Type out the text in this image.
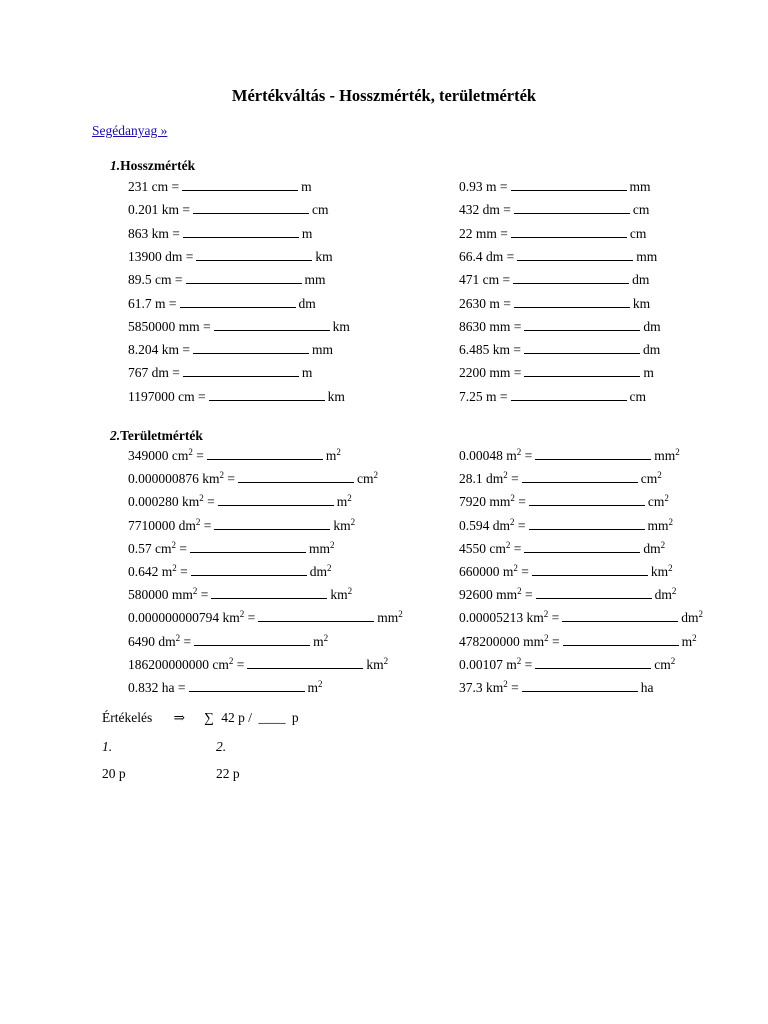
Mértékváltás - Hosszmérték, területmérték
Segédanyag »
1.Hosszmérték
2.Területmérték
231 cm =	m
0.201 km =	cm
863 km =	m
13900 dm =	km
89.5 cm =	mm
61.7 m =	dm
5850000 mm =	km
8.204 km =	mm
767 dm =	m
1197000 cm =	km
0.93 m =	mm
432 dm =	cm
22 mm =	cm
66.4 dm =	mm
471 cm =	dm
2630 m =	km
8630 mm =	dm
6.485 km =	dm
2200 mm =	m
7.25 m =	cm
349000 $cm^2$ =	$m^2$
0.000000876 $km^2$ =	$cm^2$
0.000280 $km^2$ =	$m^2$
7710000 $dm^2$ =	$km^2$
0.57 $cm^2$ =	$mm^2$
0.642 $m^2$ =	$dm^2$
580000 $mm^2$ =	$km^2$
0.000000000794 $km^2$ =	$mm^2$
6490 $dm^2$ =	$m^2$
186200000000 $cm^2$ =	$km^2$
0.832 ha =	$m^2$
0.00048 $m^2$ =	$mm^2$
28.1 $dm^2$ =	$cm^2$
7920 $mm^2$ =	$cm^2$
0.594 $dm^2$ =	$mm^2$
4550 $cm^2$ =	$dm^2$
660000 $m^2$ =	$km^2$
92600 $mm^2$ =	$dm^2$
0.00005213 $km^2$ =	$dm^2$
478200000 $mm^2$ =	$m^2$
0.00107 $m^2$ =	$cm^2$
37.3 $km^2$ =	ha
Értékelés ⇒ ∑ 42 p / ____ p
1.	2.
20 p	22 p
